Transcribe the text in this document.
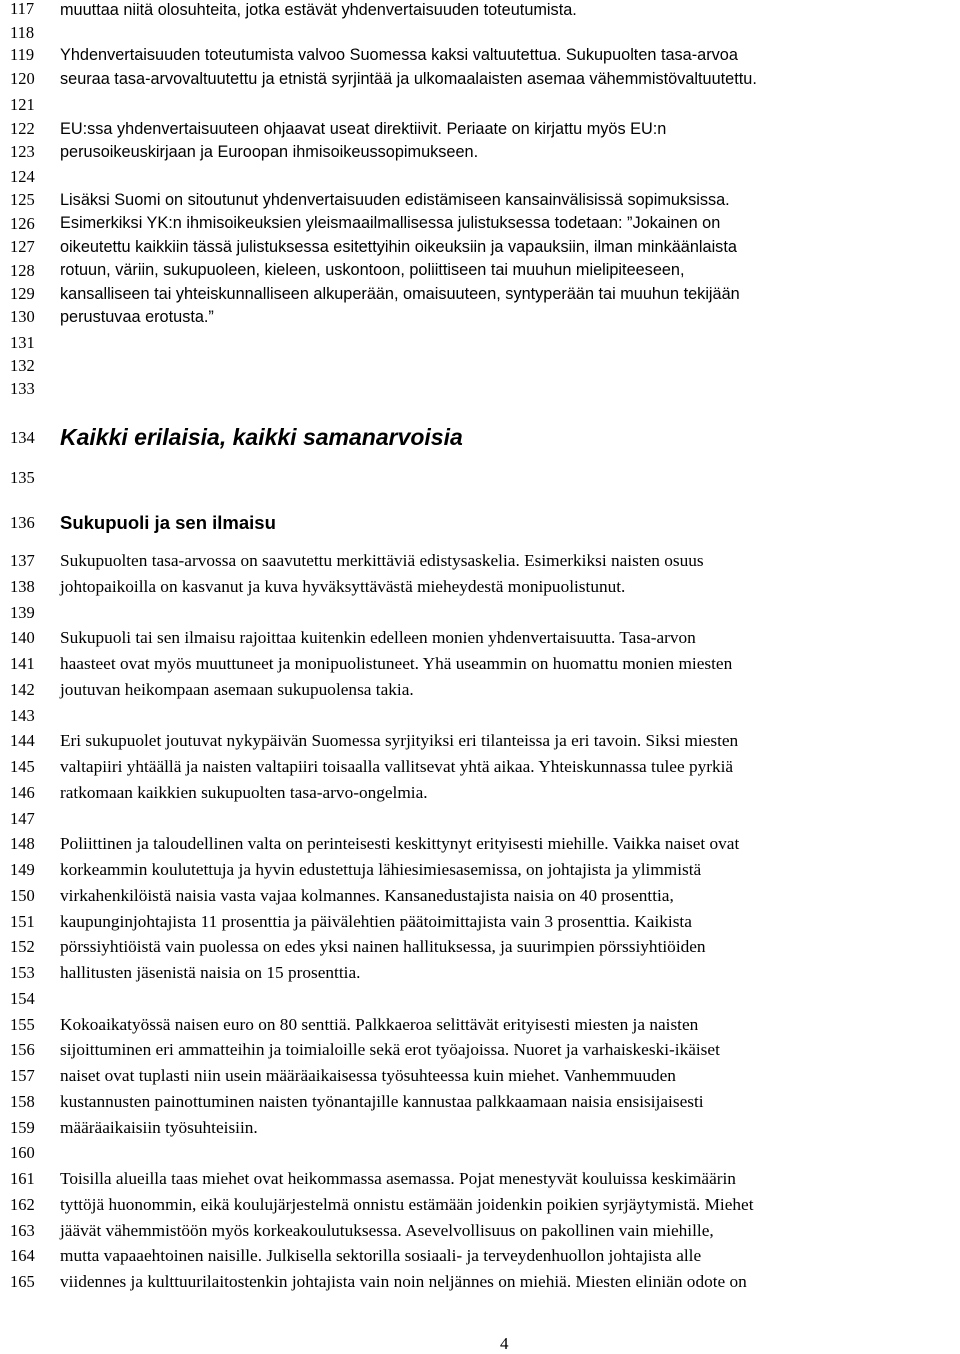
117
118
119
120
121
122
123
124
125
126
127
128
129
130
131
132
133
134
135
136
137
138
139
140
141
142
143
144
145
146
147
148
149
150
151
152
153
154
155
156
157
158
159
160
161
162
163
164
165
muuttaa niitä olosuhteita, jotka estävät yhdenvertaisuuden toteutumista.
Yhdenvertaisuuden toteutumista valvoo Suomessa kaksi valtuutettua. Sukupuolten tasa-arvoa
seuraa tasa-arvovaltuutettu ja etnistä syrjintää ja ulkomaalaisten asemaa vähemmistövaltuutettu.
EU:ssa yhdenvertaisuuteen ohjaavat useat direktiivit. Periaate on kirjattu myös EU:n
perusoikeuskirjaan ja Euroopan ihmisoikeussopimukseen.
Lisäksi Suomi on sitoutunut yhdenvertaisuuden edistämiseen kansainvälisissä sopimuksissa.
Esimerkiksi YK:n ihmisoikeuksien yleismaailmallisessa julistuksessa todetaan: ”Jokainen on
oikeutettu kaikkiin tässä julistuksessa esitettyihin oikeuksiin ja vapauksiin, ilman minkäänlaista
rotuun, väriin, sukupuoleen, kieleen, uskontoon, poliittiseen tai muuhun mielipiteeseen,
kansalliseen tai yhteiskunnalliseen alkuperään, omaisuuteen, syntyperään tai muuhun tekijään
perustuvaa erotusta.”
Kaikki erilaisia, kaikki samanarvoisia
Sukupuoli ja sen ilmaisu
Sukupuolten tasa-arvossa on saavutettu merkittäviä edistysaskelia. Esimerkiksi naisten osuus
johtopaikoilla on kasvanut ja kuva hyväksyttävästä mieheydestä monipuolistunut.
Sukupuoli tai sen ilmaisu rajoittaa kuitenkin edelleen monien yhdenvertaisuutta. Tasa-arvon
haasteet ovat myös muuttuneet ja monipuolistuneet. Yhä useammin on huomattu monien miesten
joutuvan heikompaan asemaan sukupuolensa takia.
Eri sukupuolet joutuvat nykypäivän Suomessa syrjityiksi eri tilanteissa ja eri tavoin. Siksi miesten
valtapiiri yhtäällä ja naisten valtapiiri toisaalla vallitsevat yhtä aikaa. Yhteiskunnassa tulee pyrkiä
ratkomaan kaikkien sukupuolten tasa-arvo-ongelmia.
Poliittinen ja taloudellinen valta on perinteisesti keskittynyt erityisesti miehille. Vaikka naiset ovat
korkeammin koulutettuja ja hyvin edustettuja lähiesimiesasemissa, on johtajista ja ylimmistä
virkahenkilöistä naisia vasta vajaa kolmannes. Kansanedustajista naisia on 40 prosenttia,
kaupunginjohtajista 11 prosenttia ja päivälehtien päätoimittajista vain 3 prosenttia. Kaikista
pörssiyhtiöistä vain puolessa on edes yksi nainen hallituksessa, ja suurimpien pörssiyhtiöiden
hallitusten jäsenistä naisia on 15 prosenttia.
Kokoaikatyössä naisen euro on 80 senttiä. Palkkaeroa selittävät erityisesti miesten ja naisten
sijoittuminen eri ammatteihin ja toimialoille sekä erot työajoissa. Nuoret ja varhaiskeski-ikäiset
naiset ovat tuplasti niin usein määräaikaisessa työsuhteessa kuin miehet. Vanhemmuuden
kustannusten painottuminen naisten työnantajille kannustaa palkkaamaan naisia ensisijaisesti
määräaikaisiin työsuhteisiin.
Toisilla alueilla taas miehet ovat heikommassa asemassa. Pojat menestyvät kouluissa keskimäärin
tyttöjä huonommin, eikä koulujärjestelmä onnistu estämään joidenkin poikien syrjäytymistä. Miehet
jäävät vähemmistöön myös korkeakoulutuksessa. Asevelvollisuus on pakollinen vain miehille,
mutta vapaaehtoinen naisille. Julkisella sektorilla sosiaali- ja terveydenhuollon johtajista alle
viidennes ja kulttuurilaitostenkin johtajista vain noin neljännes on miehiä. Miesten eliniän odote on
4
